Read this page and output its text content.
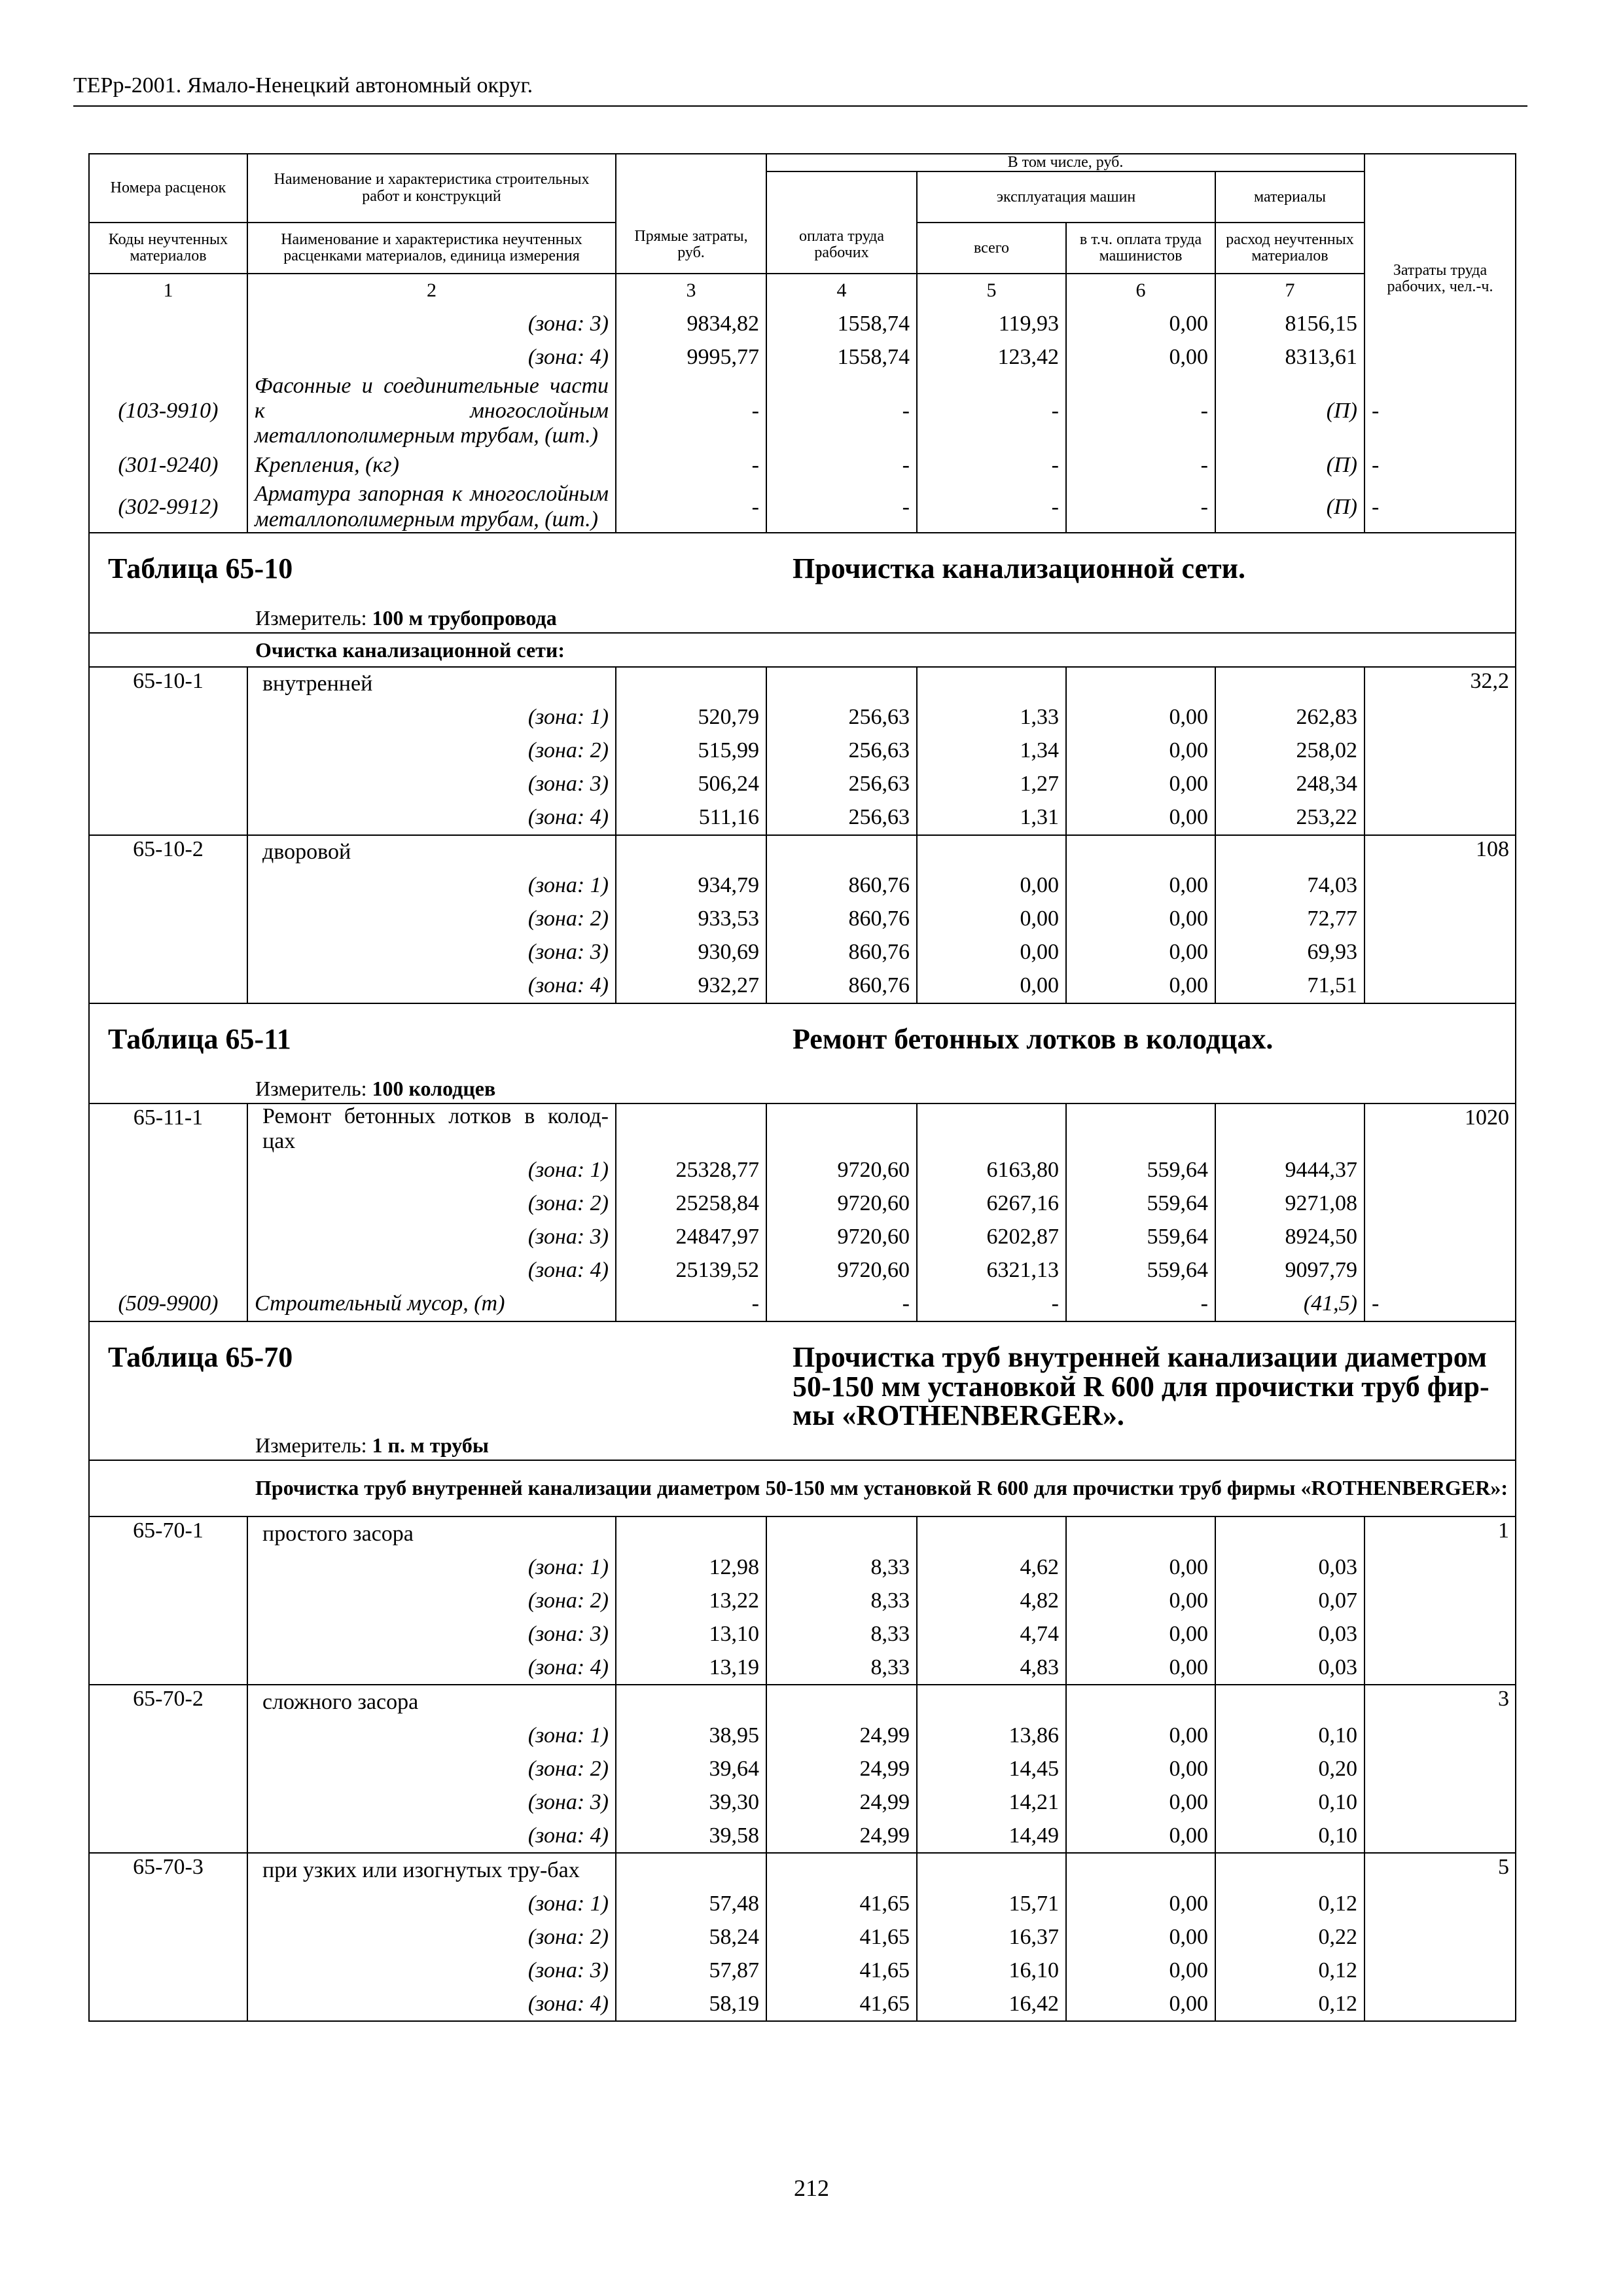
ТЕРр-2001. Ямало-Ненецкий автономный округ.
Номера расценок	Наименование и характеристика строительных работ и конструкций	Прямые затраты, руб.	В том числе, руб.				Затраты труда рабочих, чел.-ч.	
			оплата труда рабочих	эксплуатация машин		материалы		
				всего	в т.ч. оплата труда машинистов	расход неучтенных материалов		
Коды неучтенных материалов	Наименование и характеристика неучтенных расценками материалов, единица измерения							
1	2	3	4	5	6	7	
	(зона: 3)	9834,82	1558,74	119,93	0,00	8156,15		
	(зона: 4)	9995,77	1558,74	123,42	0,00	8313,61		
(103-9910)	Фасонные и соединительные части к многослойным металлополимерным трубам, (шт.)	-	-	-	-	(П)	-	
(301-9240)	Крепления, (кг)	-	-	-	-	(П)	-	
(302-9912)	Арматура запорная к многослойным металлополимерным трубам, (шт.)	-	-	-	-	(П)	-	

Таблица 65-10			Прочистка канализационной сети.					
	Измеритель: 100 м трубопровода							
	Очистка канализационной сети:							
65-10-1	внутренней						32,2	
	(зона: 1)	520,79	256,63	1,33	0,00	262,83		
	(зона: 2)	515,99	256,63	1,34	0,00	258,02		
	(зона: 3)	506,24	256,63	1,27	0,00	248,34		
	(зона: 4)	511,16	256,63	1,31	0,00	253,22		
65-10-2	дворовой						108	
	(зона: 1)	934,79	860,76	0,00	0,00	74,03		
	(зона: 2)	933,53	860,76	0,00	0,00	72,77		
	(зона: 3)	930,69	860,76	0,00	0,00	69,93		
	(зона: 4)	932,27	860,76	0,00	0,00	71,51		

Таблица 65-11			Ремонт бетонных лотков в колодцах.					
	Измеритель: 100 колодцев							
65-11-1	Ремонт бетонных лотков в колод-цах						1020	
	(зона: 1)	25328,77	9720,60	6163,80	559,64	9444,37		
	(зона: 2)	25258,84	9720,60	6267,16	559,64	9271,08		
	(зона: 3)	24847,97	9720,60	6202,87	559,64	8924,50		
	(зона: 4)	25139,52	9720,60	6321,13	559,64	9097,79		
(509-9900)	Строительный мусор, (т)	-	-	-	-	(41,5)	-	

Таблица 65-70			Прочистка труб внутренней канализации диаметром
50-150 мм установкой R 600 для прочистки труб фир-
мы «ROTHENBERGER».					

	Измеритель: 1 п. м трубы							
	Прочистка труб внутренней канализации диаметром 50-150 мм установкой R 600 для прочистки труб фирмы «ROTHENBERGER»:							
65-70-1	простого засора						1	
	(зона: 1)	12,98	8,33	4,62	0,00	0,03		
	(зона: 2)	13,22	8,33	4,82	0,00	0,07		
	(зона: 3)	13,10	8,33	4,74	0,00	0,03		
	(зона: 4)	13,19	8,33	4,83	0,00	0,03		
65-70-2	сложного засора						3	
	(зона: 1)	38,95	24,99	13,86	0,00	0,10		
	(зона: 2)	39,64	24,99	14,45	0,00	0,20		
	(зона: 3)	39,30	24,99	14,21	0,00	0,10		
	(зона: 4)	39,58	24,99	14,49	0,00	0,10		
65-70-3	при узких или изогнутых тру-бах						5	
	(зона: 1)	57,48	41,65	15,71	0,00	0,12		
	(зона: 2)	58,24	41,65	16,37	0,00	0,22		
	(зона: 3)	57,87	41,65	16,10	0,00	0,12		
	(зона: 4)	58,19	41,65	16,42	0,00	0,12		
212
